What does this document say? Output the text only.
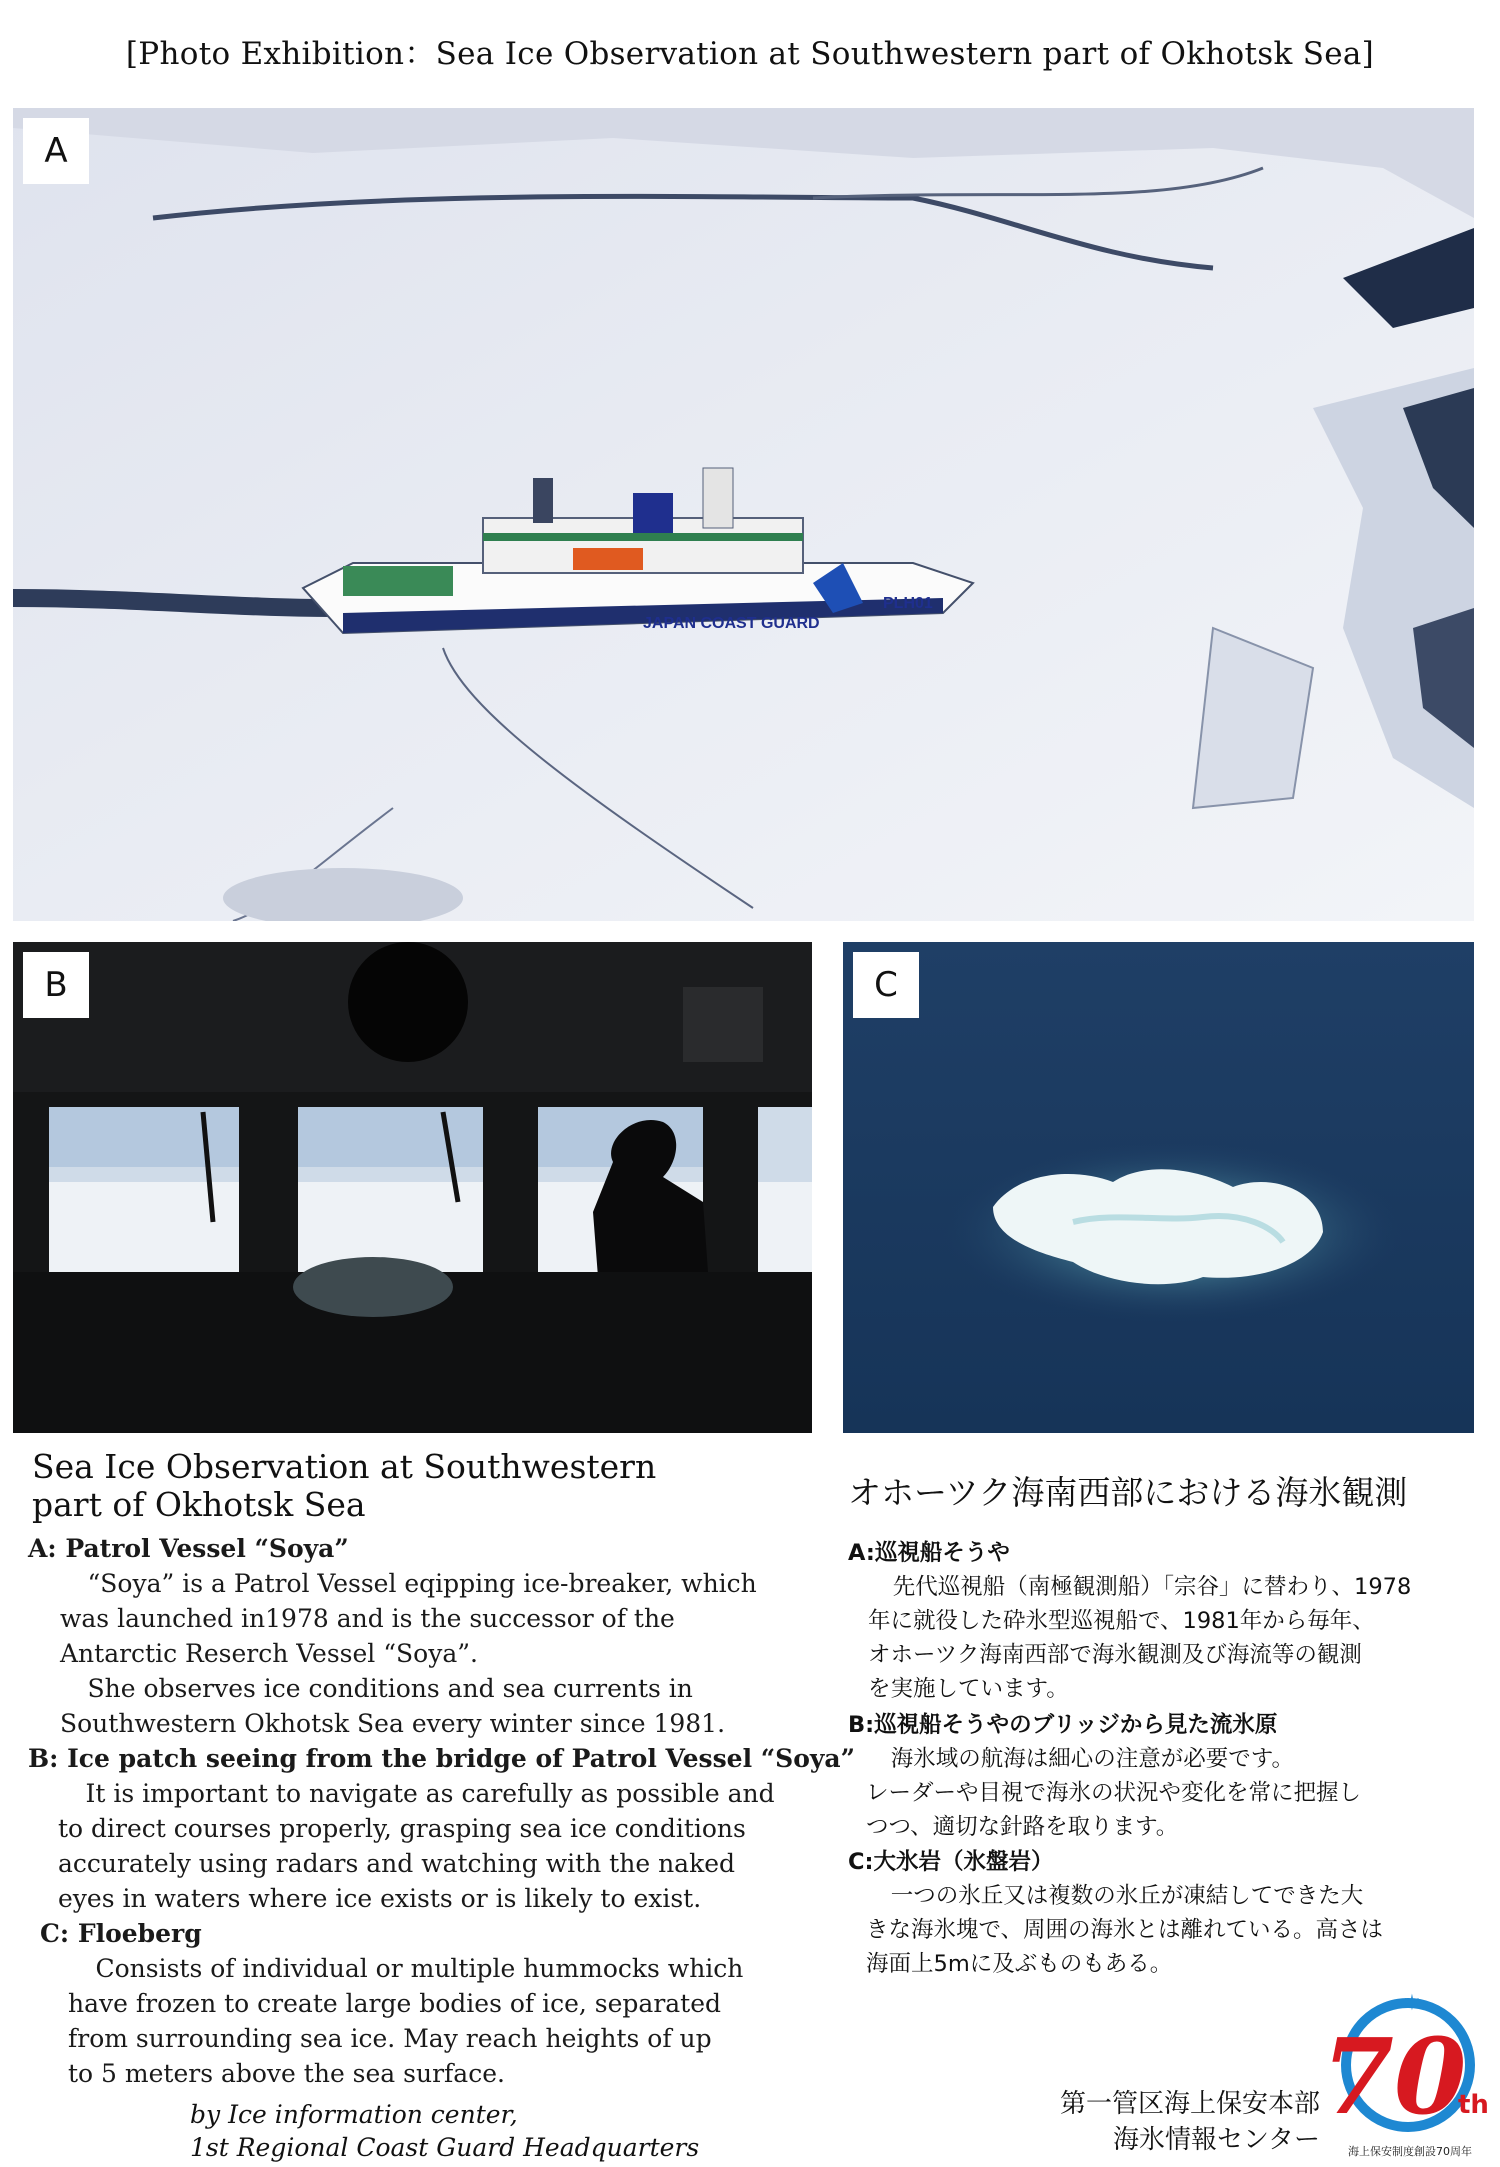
[Photo Exhibition：Sea Ice Observation at Southwestern part of Okhotsk Sea]
JAPAN COAST GUARD
PLH01
A
B	C
Sea Ice Observation at Southwestern
part of Okhotsk Sea
A: Patrol Vessel “Soya”
“Soya” is a Patrol Vessel eqipping ice-breaker, which
was launched in1978 and is the successor of the
Antarctic Reserch Vessel “Soya”.
She observes ice conditions and sea currents in
Southwestern Okhotsk Sea every winter since 1981.
B: Ice patch seeing from the bridge of Patrol Vessel “Soya”
It is important to navigate as carefully as possible and
to direct courses properly, grasping sea ice conditions
accurately using radars and watching with the naked
eyes in waters where ice exists or is likely to exist.
C: Floeberg
Consists of individual or multiple hummocks which
have frozen to create large bodies of ice, separated
from surrounding sea ice. May reach heights of up
to 5 meters above the sea surface.
by Ice information center,
1st Regional Coast Guard Headquarters
オホーツク海南西部における海氷観測
A:巡視船そうや
先代巡視船（南極観測船）「宗谷」に替わり、1978
年に就役した砕氷型巡視船で、1981年から毎年、
オホーツク海南西部で海氷観測及び海流等の観測
を実施しています。
B:巡視船そうやのブリッジから見た流氷原
海氷域の航海は細心の注意が必要です。
レーダーや目視で海氷の状況や変化を常に把握し
つつ、適切な針路を取ります。
C:大氷岩（氷盤岩）
一つの氷丘又は複数の氷丘が凍結してできた大
きな海氷塊で、周囲の海氷とは離れている。高さは
海面上5mに及ぶものもある。
第一管区海上保安本部
海氷情報センター
✶
70
th
海上保安制度創設70周年
